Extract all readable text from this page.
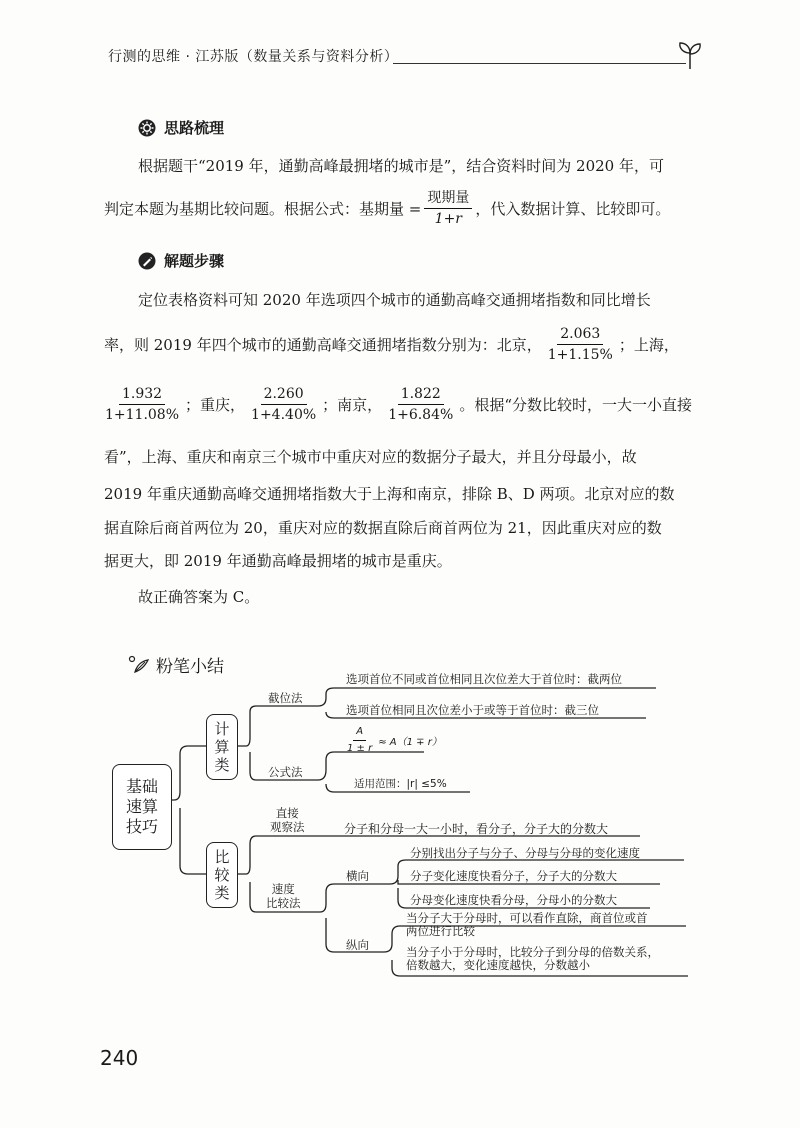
行测的思维 · 江苏版（数量关系与资料分析）
思路梳理
根据题干“2019 年，通勤高峰最拥堵的城市是”，结合资料时间为 2020 年，可
判定本题为基期比较问题。根据公式：基期量 = $\frac{\text{现期量}}{1+r}$ ，代入数据计算、比较即可。
解题步骤
定位表格资料可知 2020 年选项四个城市的通勤高峰交通拥堵指数和同比增长
率，则 2019 年四个城市的通勤高峰交通拥堵指数分别为：北京， $\frac{2.063}{1+1.15\%}$ ；上海，
$\frac{1.932}{1+11.08\%}$ ；重庆， $\frac{2.260}{1+4.40\%}$ ；南京， $\frac{1.822}{1+6.84\%}$ 。根据“分数比较时，一大一小直接
看”，上海、重庆和南京三个城市中重庆对应的数据分子最大，并且分母最小，故
2019 年重庆通勤高峰交通拥堵指数大于上海和南京，排除 B、D 两项。北京对应的数
据直除后商首两位为 20，重庆对应的数据直除后商首两位为 21，因此重庆对应的数
据更大，即 2019 年通勤高峰最拥堵的城市是重庆。
故正确答案为 C。
粉笔小结
基础速算技巧
计算类
比较类
截位法
选项首位不同或首位相同且次位差大于首位时：截两位
选项首位相同且次位差小于或等于首位时：截三位
公式法
$\frac{A}{1 \pm r} \approx A(1 \mp r)$
适用范围：|r| ≤5%
直接
观察法	分子和分母一大一小时，看分子，分子大的分数大
速度
比较法
横向
分别找出分子与分子、分母与分母的变化速度
分子变化速度快看分子，分子大的分数大
分母变化速度快看分母，分母小的分数大
纵向
当分子大于分母时，可以看作直除，商首位或首
两位进行比较
当分子小于分母时，比较分子到分母的倍数关系，
倍数越大，变化速度越快，分数越小
240
